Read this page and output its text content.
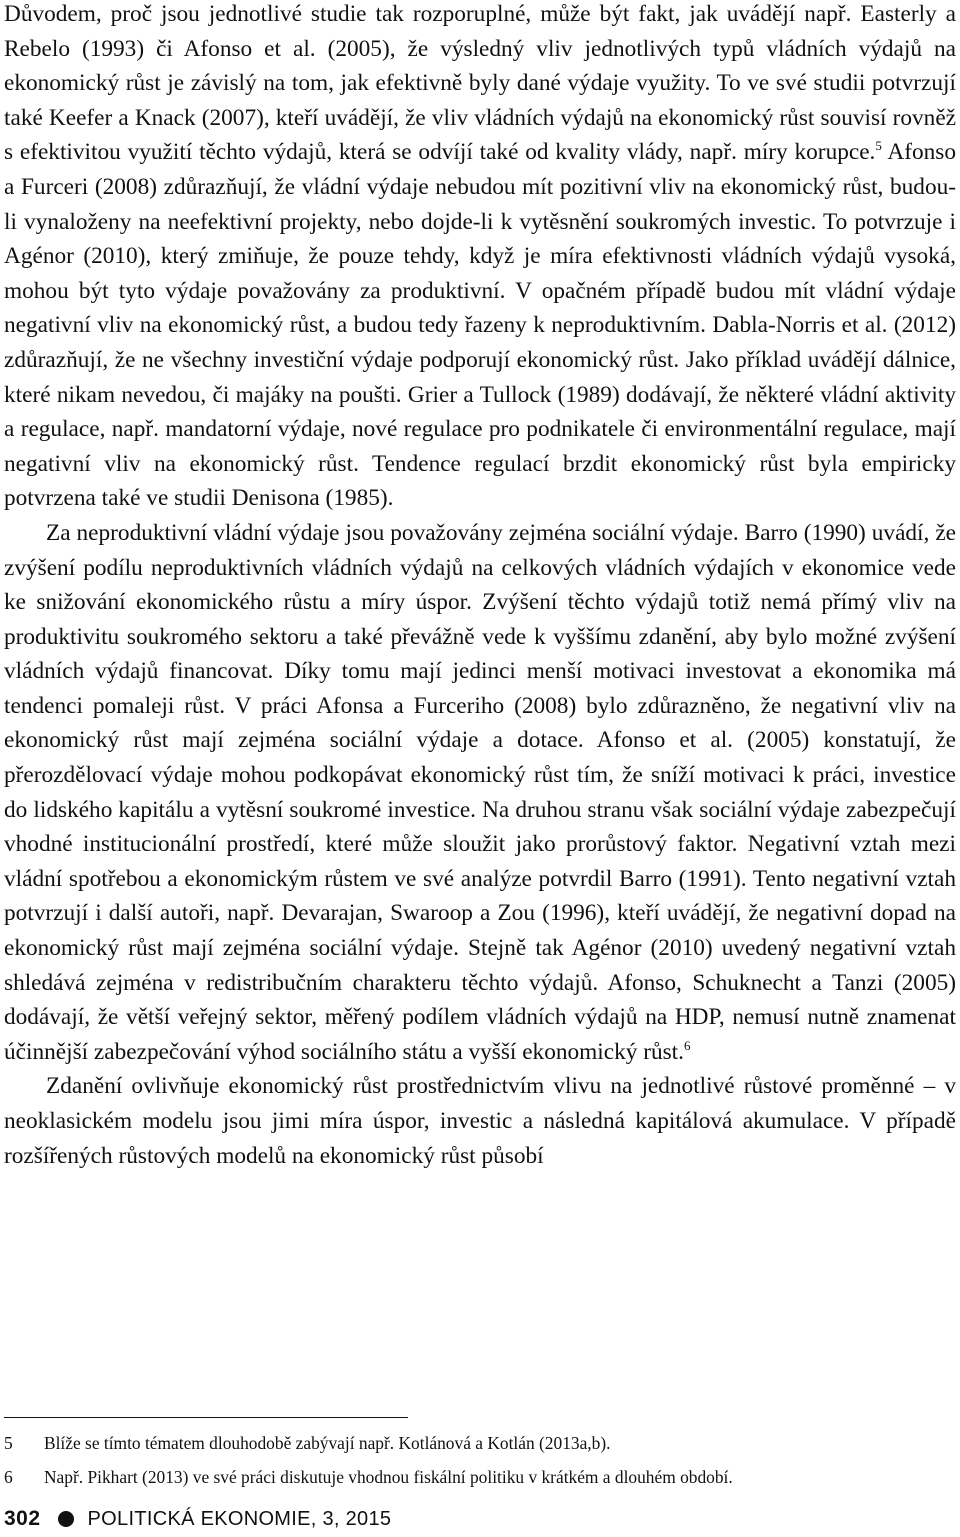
Důvodem, proč jsou jednotlivé studie tak rozporuplné, může být fakt, jak uvádějí např. Easterly a Rebelo (1993) či Afonso et al. (2005), že výsledný vliv jednotlivých typů vládních výdajů na ekonomický růst je závislý na tom, jak efektivně byly dané výdaje využity. To ve své studii potvrzují také Keefer a Knack (2007), kteří uvádějí, že vliv vládních výdajů na ekonomický růst souvisí rovněž s efektivitou využití těchto výdajů, která se odvíjí také od kvality vlády, např. míry korupce.$^5$ Afonso a Furceri (2008) zdůrazňují, že vládní výdaje nebudou mít pozitivní vliv na ekonomický růst, budou-li vynaloženy na neefektivní projekty, nebo dojde-li k vytěsnění soukromých investic. To potvrzuje i Agénor (2010), který zmiňuje, že pouze tehdy, když je míra efektivnosti vládních výdajů vysoká, mohou být tyto výdaje považovány za produktivní. V opačném případě budou mít vládní výdaje negativní vliv na ekonomický růst, a budou tedy řazeny k neproduktivním. Dabla-Norris et al. (2012) zdůrazňují, že ne všechny investiční výdaje podporují ekonomický růst. Jako příklad uvádějí dálnice, které nikam nevedou, či majáky na poušti. Grier a Tullock (1989) dodávají, že některé vládní aktivity a regulace, např. mandatorní výdaje, nové regulace pro podnikatele či environmentální regulace, mají negativní vliv na ekonomický růst. Tendence regulací brzdit ekonomický růst byla empiricky potvrzena také ve studii Denisona (1985).

Za neproduktivní vládní výdaje jsou považovány zejména sociální výdaje. Barro (1990) uvádí, že zvýšení podílu neproduktivních vládních výdajů na celkových vládních výdajích v ekonomice vede ke snižování ekonomického růstu a míry úspor. Zvýšení těchto výdajů totiž nemá přímý vliv na produktivitu soukromého sektoru a také převážně vede k vyššímu zdanění, aby bylo možné zvýšení vládních výdajů financovat. Díky tomu mají jedinci menší motivaci investovat a ekonomika má tendenci pomaleji růst. V práci Afonsa a Furceriho (2008) bylo zdůrazněno, že negativní vliv na ekonomický růst mají zejména sociální výdaje a dotace. Afonso et al. (2005) konstatují, že přerozdělovací výdaje mohou podkopávat ekonomický růst tím, že sníží motivaci k práci, investice do lidského kapitálu a vytěsní soukromé investice. Na druhou stranu však sociální výdaje zabezpečují vhodné institucionální prostředí, které může sloužit jako prorůstový faktor. Negativní vztah mezi vládní spotřebou a ekonomickým růstem ve své analýze potvrdil Barro (1991). Tento negativní vztah potvrzují i další autoři, např. Devarajan, Swaroop a Zou (1996), kteří uvádějí, že negativní dopad na ekonomický růst mají zejména sociální výdaje. Stejně tak Agénor (2010) uvedený negativní vztah shledává zejména v redistribučním charakteru těchto výdajů. Afonso, Schuknecht a Tanzi (2005) dodávají, že větší veřejný sektor, měřený podílem vládních výdajů na HDP, nemusí nutně znamenat účinnější zabezpečování výhod sociálního státu a vyšší ekonomický růst.$^6$

Zdanění ovlivňuje ekonomický růst prostřednictvím vlivu na jednotlivé růstové proměnné – v neoklasickém modelu jsou jimi míra úspor, investic a následná kapitálová akumulace. V případě rozšířených růstových modelů na ekonomický růst působí

5 Blíže se tímto tématem dlouhodobě zabývají např. Kotlánová a Kotlán (2013a,b).
6 Např. Pikhart (2013) ve své práci diskutuje vhodnou fiskální politiku v krátkém a dlouhém období.
302 POLITICKÁ EKONOMIE, 3, 2015
